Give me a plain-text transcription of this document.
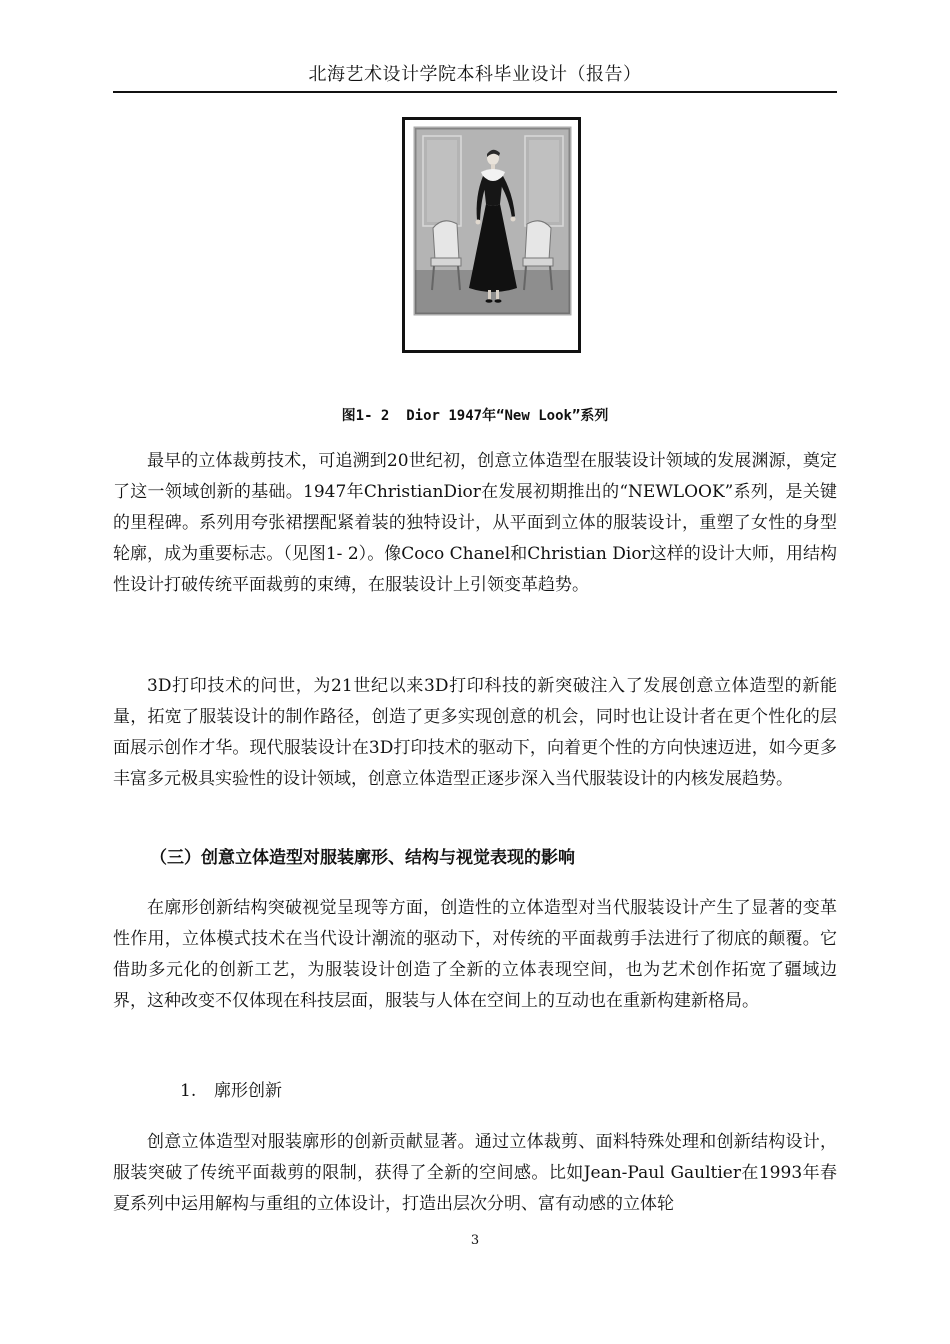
北海艺术设计学院本科毕业设计（报告）
图1- 2  Dior 1947年“New Look”系列

最早的立体裁剪技术，可追溯到20世纪初，创意立体造型在服装设计领域的发展渊源，奠定了这一领域创新的基础。1947年ChristianDior在发展初期推出的“NEWLOOK”系列，是关键的里程碑。系列用夸张裙摆配紧着装的独特设计，从平面到立体的服装设计，重塑了女性的身型轮廓，成为重要标志。（见图1- 2）。像Coco Chanel和Christian Dior这样的设计大师，用结构性设计打破传统平面裁剪的束缚，在服装设计上引领变革趋势。

3D打印技术的问世，为21世纪以来3D打印科技的新突破注入了发展创意立体造型的新能量，拓宽了服装设计的制作路径，创造了更多实现创意的机会，同时也让设计者在更个性化的层面展示创作才华。现代服装设计在3D打印技术的驱动下，向着更个性的方向快速迈进，如今更多丰富多元极具实验性的设计领域，创意立体造型正逐步深入当代服装设计的内核发展趋势。

（三）创意立体造型对服装廓形、结构与视觉表现的影响

在廓形创新结构突破视觉呈现等方面，创造性的立体造型对当代服装设计产生了显著的变革性作用，立体模式技术在当代设计潮流的驱动下，对传统的平面裁剪手法进行了彻底的颠覆。它借助多元化的创新工艺，为服装设计创造了全新的立体表现空间，也为艺术创作拓宽了疆域边界，这种改变不仅体现在科技层面，服装与人体在空间上的互动也在重新构建新格局。

1. 廓形创新

创意立体造型对服装廓形的创新贡献显著。通过立体裁剪、面料特殊处理和创新结构设计，服装突破了传统平面裁剪的限制，获得了全新的空间感。比如Jean-Paul Gaultier在1993年春夏系列中运用解构与重组的立体设计，打造出层次分明、富有动感的立体轮

3
